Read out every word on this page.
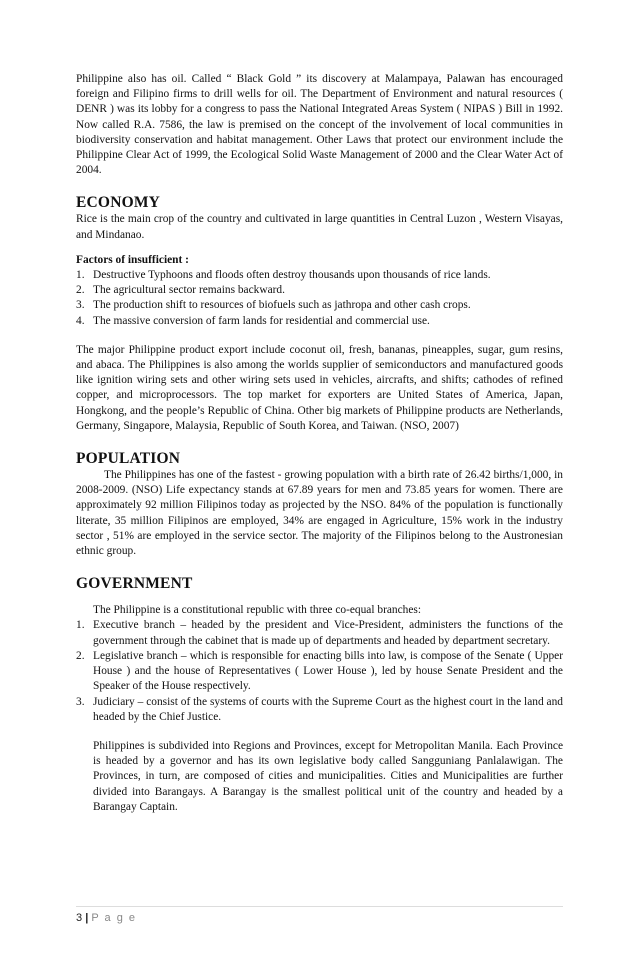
Philippine also has oil. Called “ Black Gold ” its discovery at Malampaya, Palawan has encouraged foreign and Filipino firms to drill wells for oil. The Department of Environment and natural resources ( DENR ) was its lobby for a congress to pass the National Integrated Areas System ( NIPAS ) Bill in 1992. Now called R.A. 7586, the law is premised on the concept of the involvement of local communities in biodiversity conservation and habitat management. Other Laws that protect our environment include the Philippine Clear Act of 1999, the Ecological Solid Waste Management of 2000 and the Clear Water Act of 2004.

ECONOMY

Rice is the main crop of the country and cultivated in large quantities in Central Luzon , Western Visayas, and Mindanao.

Factors of insufficient :
1. Destructive Typhoons and floods often destroy thousands upon thousands of rice lands.
2. The agricultural sector remains backward.
3. The production shift to resources of biofuels such as jathropa and other cash crops.
4. The massive conversion of farm lands for residential and commercial use.

The major Philippine product export include coconut oil, fresh, bananas, pineapples, sugar, gum resins, and abaca. The Philippines is also among the worlds supplier of semiconductors and manufactured goods like ignition wiring sets and other wiring sets used in vehicles, aircrafts, and shifts; cathodes of refined copper, and microprocessors. The top market for exporters are United States of America, Japan, Hongkong, and the people’s Republic of China. Other big markets of Philippine products are Netherlands, Germany, Singapore, Malaysia, Republic of South Korea, and Taiwan. (NSO, 2007)

POPULATION

The Philippines has one of the fastest - growing population with a birth rate of 26.42 births/1,000, in 2008-2009. (NSO) Life expectancy stands at 67.89 years for men and 73.85 years for women. There are approximately 92 million Filipinos today as projected by the NSO. 84% of the population is functionally literate, 35 million Filipinos are employed, 34% are engaged in Agriculture, 15% work in the industry sector , 51% are employed in the service sector. The majority of the Filipinos belong to the Austronesian ethnic group.

GOVERNMENT

The Philippine is a constitutional republic with three co-equal branches:

1. Executive branch – headed by the president and Vice-President, administers the functions of the government through the cabinet that is made up of departments and headed by department secretary.
2. Legislative branch – which is responsible for enacting bills into law, is compose of the Senate ( Upper House ) and the house of Representatives ( Lower House ), led by house Senate President and the Speaker of the House respectively.
3. Judiciary – consist of the systems of courts with the Supreme Court as the highest court in the land and headed by the Chief Justice.

Philippines is subdivided into Regions and Provinces, except for Metropolitan Manila. Each Province is headed by a governor and has its own legislative body called Sangguniang Panlalawigan. The Provinces, in turn, are composed of cities and municipalities. Cities and Municipalities are further divided into Barangays. A Barangay is the smallest political unit of the country and headed by a Barangay Captain.

3 | P a g e
